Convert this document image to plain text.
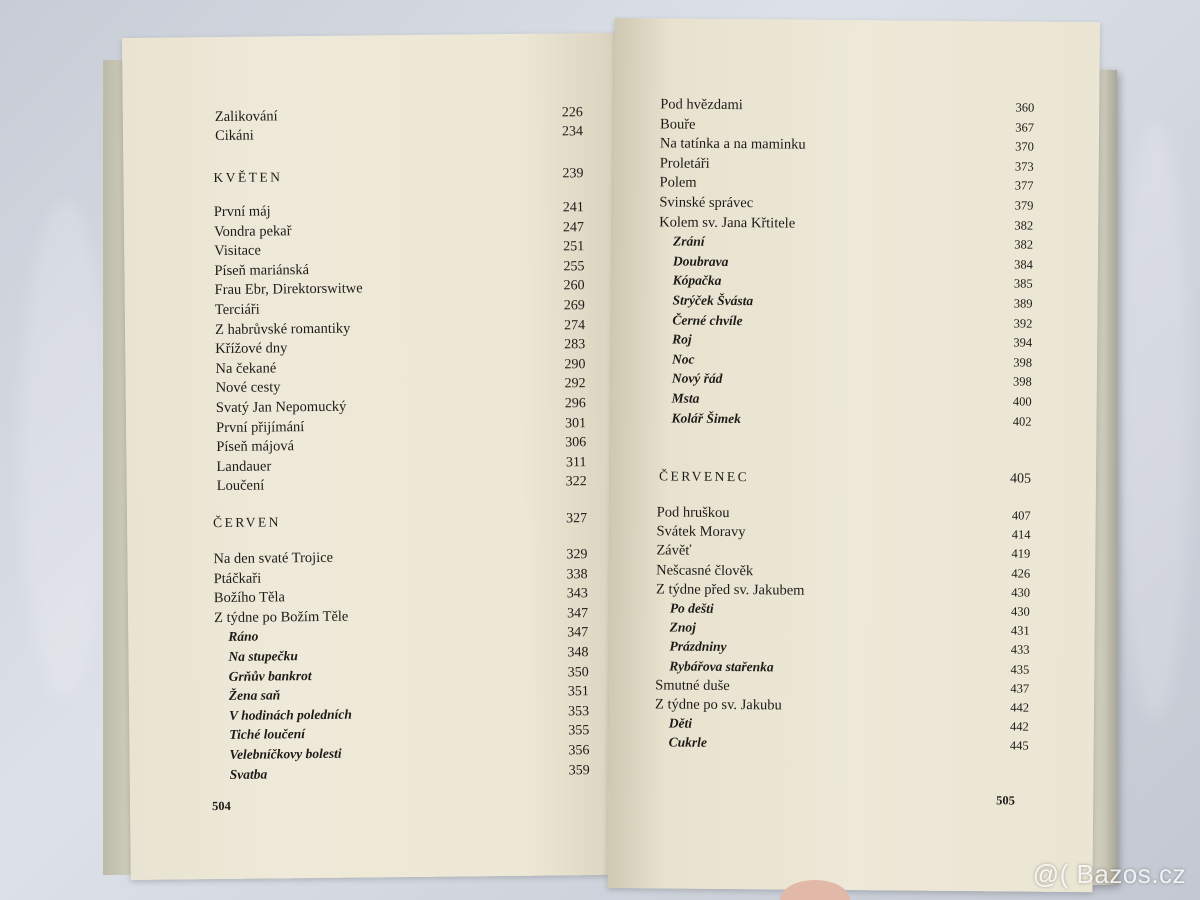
504
Zalikování	226
Cikáni	234
KVĚTEN	239
První máj	241
Vondra pekař	247
Visitace	251
Píseň mariánská	255
Frau Ebr, Direktorswitwe	260
Terciáři	269
Z habrůvské romantiky	274
Křížové dny	283
Na čekané	290
Nové cesty	292
Svatý Jan Nepomucký	296
První přijímání	301
Píseň májová	306
Landauer	311
Loučení	322
ČERVEN	327
Na den svaté Trojice	329
Ptáčkaři	338
Božího Těla	343
Z týdne po Božím Těle	347
Ráno	347
Na stupečku	348
Grňův bankrot	350
Žena saň	351
V hodinách poledních	353
Tiché loučení	355
Velebníčkovy bolesti	356
Svatba	359
505
Pod hvězdami	360
Bouře	367
Na tatínka a na maminku	370
Proletáři	373
Polem	377
Svinské správec	379
Kolem sv. Jana Křtitele	382
Zrání	382
Doubrava	384
Kópačka	385
Strýček Švásta	389
Černé chvíle	392
Roj	394
Noc	398
Nový řád	398
Msta	400
Kolář Šimek	402
ČERVENEC	405
Pod hruškou	407
Svátek Moravy	414
Závěť	419
Nešcasné člověk	426
Z týdne před sv. Jakubem	430
Po dešti	430
Znoj	431
Prázdniny	433
Rybářova stařenka	435
Smutné duše	437
Z týdne po sv. Jakubu	442
Děti	442
Cukrle	445
@( Bazos.cz
